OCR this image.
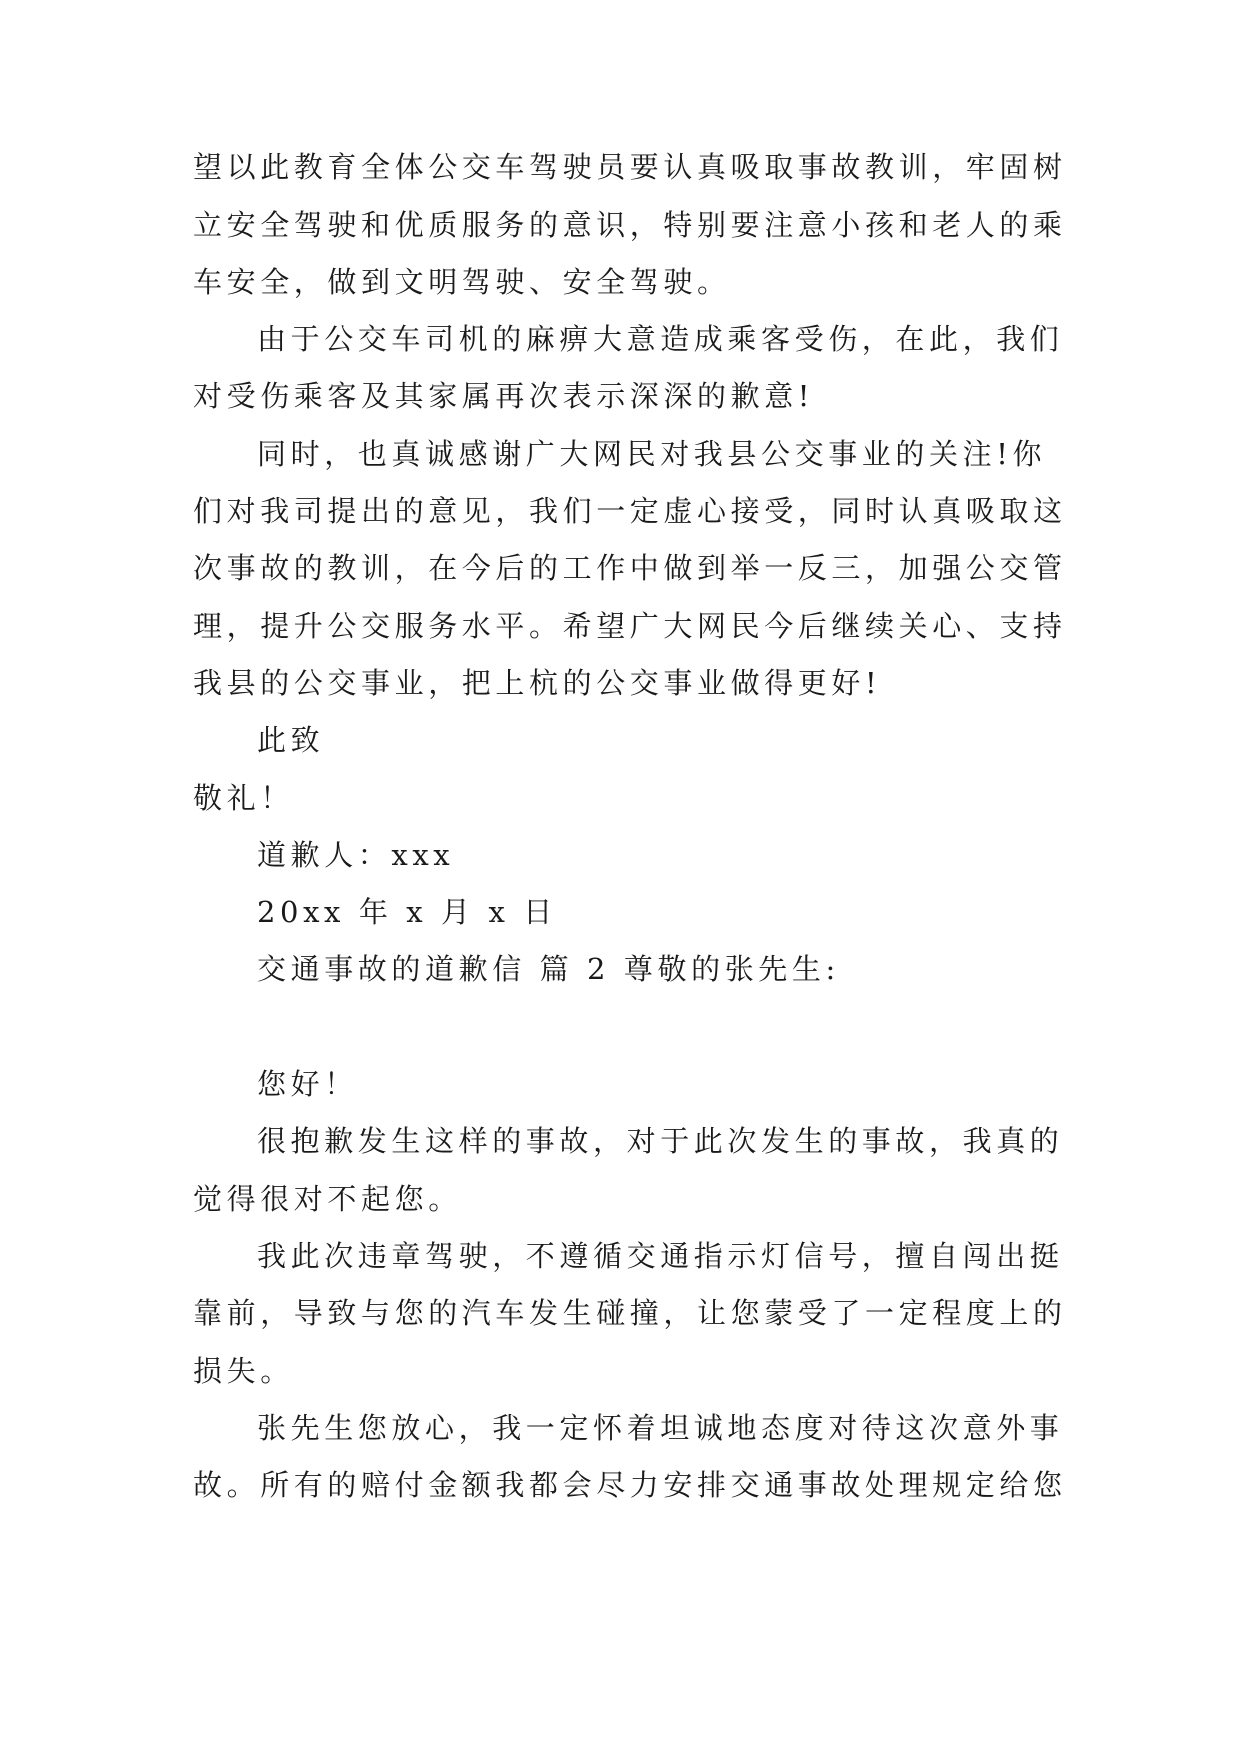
望以此教育全体公交车驾驶员要认真吸取事故教训，牢固树
立安全驾驶和优质服务的意识，特别要注意小孩和老人的乘
车安全，做到文明驾驶、安全驾驶。
由于公交车司机的麻痹大意造成乘客受伤，在此，我们
对受伤乘客及其家属再次表示深深的歉意!
同时，也真诚感谢广大网民对我县公交事业的关注!你
们对我司提出的意见，我们一定虚心接受，同时认真吸取这
次事故的教训，在今后的工作中做到举一反三，加强公交管
理，提升公交服务水平。希望广大网民今后继续关心、支持
我县的公交事业，把上杭的公交事业做得更好!
此致
敬礼！
道歉人：xxx
20xx 年 x 月 x 日
交通事故的道歉信 篇 2 尊敬的张先生:
您好！
很抱歉发生这样的事故，对于此次发生的事故，我真的
觉得很对不起您。
我此次违章驾驶，不遵循交通指示灯信号，擅自闯出挺
靠前，导致与您的汽车发生碰撞，让您蒙受了一定程度上的
损失。
张先生您放心，我一定怀着坦诚地态度对待这次意外事
故。所有的赔付金额我都会尽力安排交通事故处理规定给您
